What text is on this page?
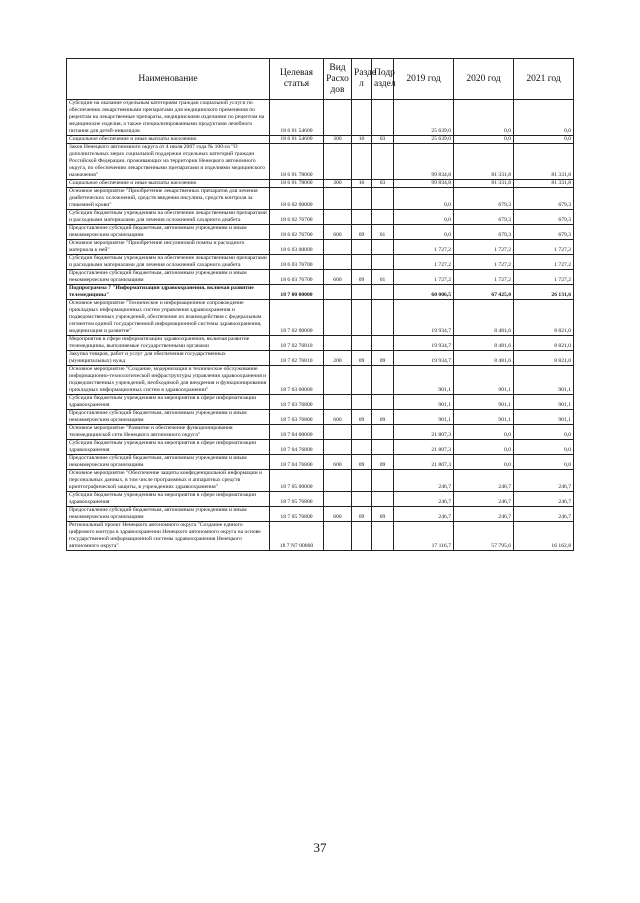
Наименование	Целевая статья	Вид Расхо дов	Разде л	Подр аздел	2019 год	2020 год	2021 год
Субсидии на оказание отдельным категориям граждан социальной услуги по обеспечению лекарственными препаратами для медицинского применения по рецептам на лекарственные препараты, медицинскими изделиями по рецептам на медицинские изделия, а также специализированными продуктами лечебного питания для детей-инвалидов	18 6 01 54600				25 639,0	0,0	0,0
Социальное обеспечение и иные выплаты населению	18 6 01 54600	300	10	03	25 639,0	0,0	0,0
Закон Ненецкого автономного округа от 4 июля 2007 года № 100-оз "О дополнительных мерах социальной поддержки отдельных категорий граждан Российской Федерации, проживающих на территории Ненецкого автономного округа, по обеспечению лекарственными препаратами и изделиями медицинского назначения"	18 6 01 78060				99 834,8	81 331,8	81 331,8
Социальное обеспечение и иные выплаты населению	18 6 01 78060	300	10	03	99 834,8	81 331,8	81 331,8
Основное мероприятие "Приобретение лекарственных препаратов для лечения диабетических осложнений, средств введения инсулина, средств контроля за гликемией крови"	18 6 02 00000				0,0	679,3	679,3
Субсидии бюджетным учреждениям на обеспечение лекарственными препаратами и расходными материалами для лечения осложнений сахарного диабета	18 6 02 76700				0,0	679,3	679,3
Предоставление субсидий бюджетным, автономным учреждениям и иным некоммерческим организациям	18 6 02 76700	600	09	01	0,0	679,3	679,3
Основное мероприятие "Приобретение инсулиновой помпы и расходного материала к ней"	18 6 03 00000				1 727,2	1 727,2	1 727,2
Субсидии бюджетным учреждениям на обеспечение лекарственными препаратами и расходными материалами для лечения осложнений сахарного диабета	18 6 03 76700				1 727,2	1 727,2	1 727,2
Предоставление субсидий бюджетным, автономным учреждениям и иным некоммерческим организациям	18 6 03 76700	600	09	01	1 727,2	1 727,2	1 727,2
Подпрограмма 7 "Информатизация здравоохранения, включая развитие телемедицины"	18 7 00 00000				60 006,5	67 425,0	26 131,6
Основное мероприятие "Техническое и информационное сопровождение прикладных информационных систем управления здравоохранения и подведомственных учреждений, обеспечение их взаимодействия с федеральным сегментом единой государственной информационной системы здравоохранения, модернизация и развитие"	18 7 02 00000				19 934,7	8 481,6	8 821,0
Мероприятия в сфере информатизации здравоохранения, включая развитие телемедицины, выполняемые государственными органами	18 7 02 76810				19 934,7	8 481,6	8 821,0
Закупка товаров, работ и услуг для обеспечения государственных (муниципальных) нужд	18 7 02 76810	200	09	09	19 934,7	8 481,6	8 821,0
Основное мероприятие "Создание, модернизация и техническое обслуживание информационно-технологической инфраструктуры управления здравоохранения и подведомственных учреждений, необходимой для внедрения и функционирования прикладных информационных систем в здравоохранении"	18 7 03 00000				901,1	901,1	901,1
Субсидии бюджетным учреждениям на мероприятия в сфере информатизации здравоохранения	18 7 03 76800				901,1	901,1	901,1
Предоставление субсидий бюджетным, автономным учреждениям и иным некоммерческим организациям	18 7 03 76800	600	09	09	901,1	901,1	901,1
Основное мероприятие "Развитие и обеспечение функционирования телемедицинской сети Ненецкого автономного округа"	18 7 04 00000				21 807,3	0,0	0,0
Субсидии бюджетным учреждениям на мероприятия в сфере информатизации здравоохранения	18 7 04 76800				21 807,3	0,0	0,0
Предоставление субсидий бюджетным, автономным учреждениям и иным некоммерческим организациям	18 7 04 76800	600	09	09	21 807,3	0,0	0,0
Основное мероприятие "Обеспечение защиты конфиденциальной информации и персональных данных, в том числе программных и аппаратных средств криптографической защиты, в учреждениях здравоохранения"	18 7 05 00000				246,7	246,7	246,7
Субсидии бюджетным учреждениям на мероприятия в сфере информатизации здравоохранения	18 7 05 76800				246,7	246,7	246,7
Предоставление субсидий бюджетным, автономным учреждениям и иным некоммерческим организациям	18 7 05 76800	600	09	09	246,7	246,7	246,7
Региональный проект Ненецкого автономного округа "Создание единого цифрового контура в здравоохранении Ненецкого автономного округа на основе государственной информационной системы здравоохранения Ненецкого автономного округа"	18 7 N7 00000				17 116,7	57 795,6	16 162,8
37
